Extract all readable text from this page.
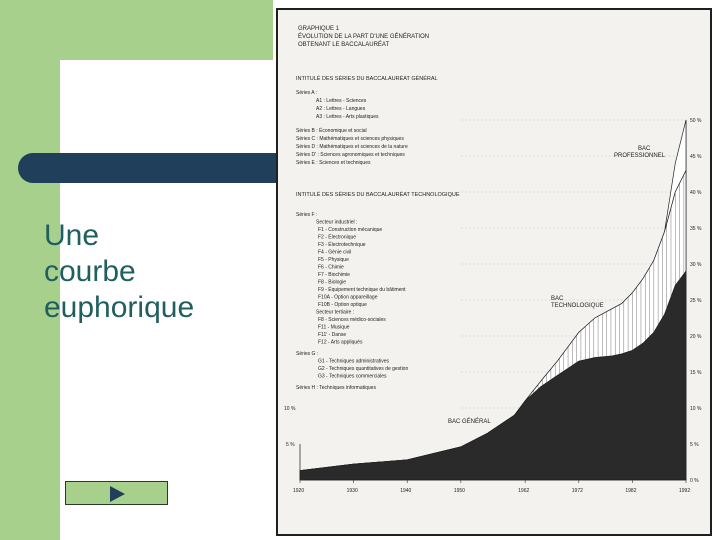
Une
courbe
euphorique
GRAPHIQUE 1
ÉVOLUTION DE LA PART D'UNE GÉNÉRATION
OBTENANT LE BACCALAURÉAT
INTITULÉ DES SÉRIES DU BACCALAURÉAT GÉNÉRAL
Séries A :
A1 : Lettres - Sciences
A2 : Lettres - Langues
A3 : Lettres - Arts plastiques
Séries B : Économique et social
Séries C : Mathématiques et sciences physiques
Séries D : Mathématiques et sciences de la nature
Séries D' : Sciences agronomiques et techniques
Séries E : Sciences et techniques
INTITULÉ DES SÉRIES DU BACCALAURÉAT TECHNOLOGIQUE
Séries F :
Secteur industriel :
F1 - Construction mécanique
F2 - Électronique
F3 - Électrotechnique
F4 - Génie civil
F5 - Physique
F6 - Chimie
F7 - Biochimie
F8 - Biologie
F9 - Équipement technique du bâtiment
F10A - Option appareillage
F10B - Option optique
Secteur tertiaire :
F8 - Sciences médico-sociales
F11 - Musique
F11' - Danse
F12 - Arts appliqués
Séries G :
G1 - Techniques administratives
G2 - Techniques quantitatives de gestion
G3 - Techniques commerciales
Séries H : Techniques informatiques
0 %
5 %
10 %
15 %
20 %
25 %
30 %
35 %
40 %
45 %
50 %
10 %
5 %
1920	1930	1940	1950	1962	1972	1982	1992
BAC GÉNÉRAL
BAC
TECHNOLOGIQUE
BAC
PROFESSIONNEL
